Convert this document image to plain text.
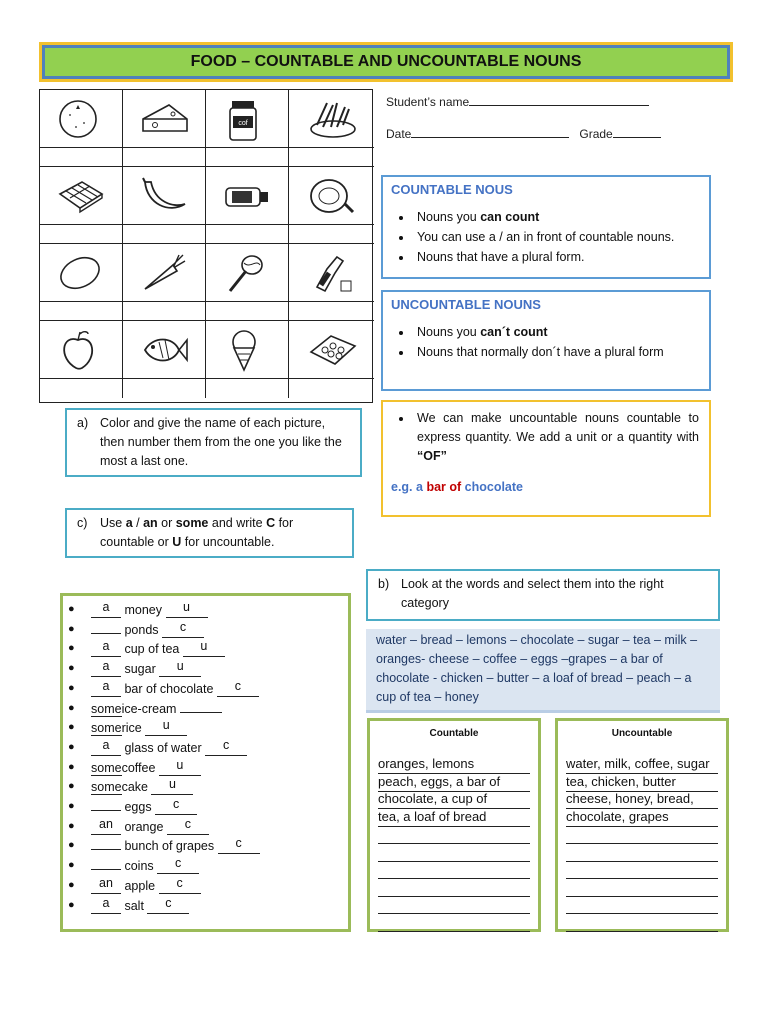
FOOD – COUNTABLE AND UNCOUNTABLE NOUNS
cof
Student’s name
Date	Grade
COUNTABLE NOUS
• Nouns you can count
• You can use a / an in front of countable nouns.
• Nouns that have a plural form.
UNCOUNTABLE NOUNS
• Nouns you can´t count
• Nouns that normally don´t have a plural form
• We can make uncountable nouns countable to express quantity. We add a unit or a quantity with “OF”
e.g. a bar of chocolate
a) Color and give the name of each picture, then number them from the one you like the most a last one.
c)	Use a / an or some and write C for countable or U for uncountable.
b) Look at the words and select them into the right category
● a money u
●	ponds c
● a cup of tea u
● a sugar u
● a bar of chocolate c
● someice-cream
● somerice u
● a glass of water c
● somecoffee u
● somecake u
●	eggs c
● an orange c
●	bunch of grapes c
●	coins c
● an apple c
● a salt c
water – bread – lemons – chocolate – sugar – tea – milk – oranges- cheese – coffee – eggs –grapes – a bar of chocolate - chicken – butter – a loaf of bread – peach – a cup of tea – honey
Countable
oranges, lemons
peach, eggs, a bar of
chocolate, a cup of
tea, a loaf of bread
Uncountable
water, milk, coffee, sugar
tea, chicken, butter
cheese, honey, bread,
chocolate, grapes
